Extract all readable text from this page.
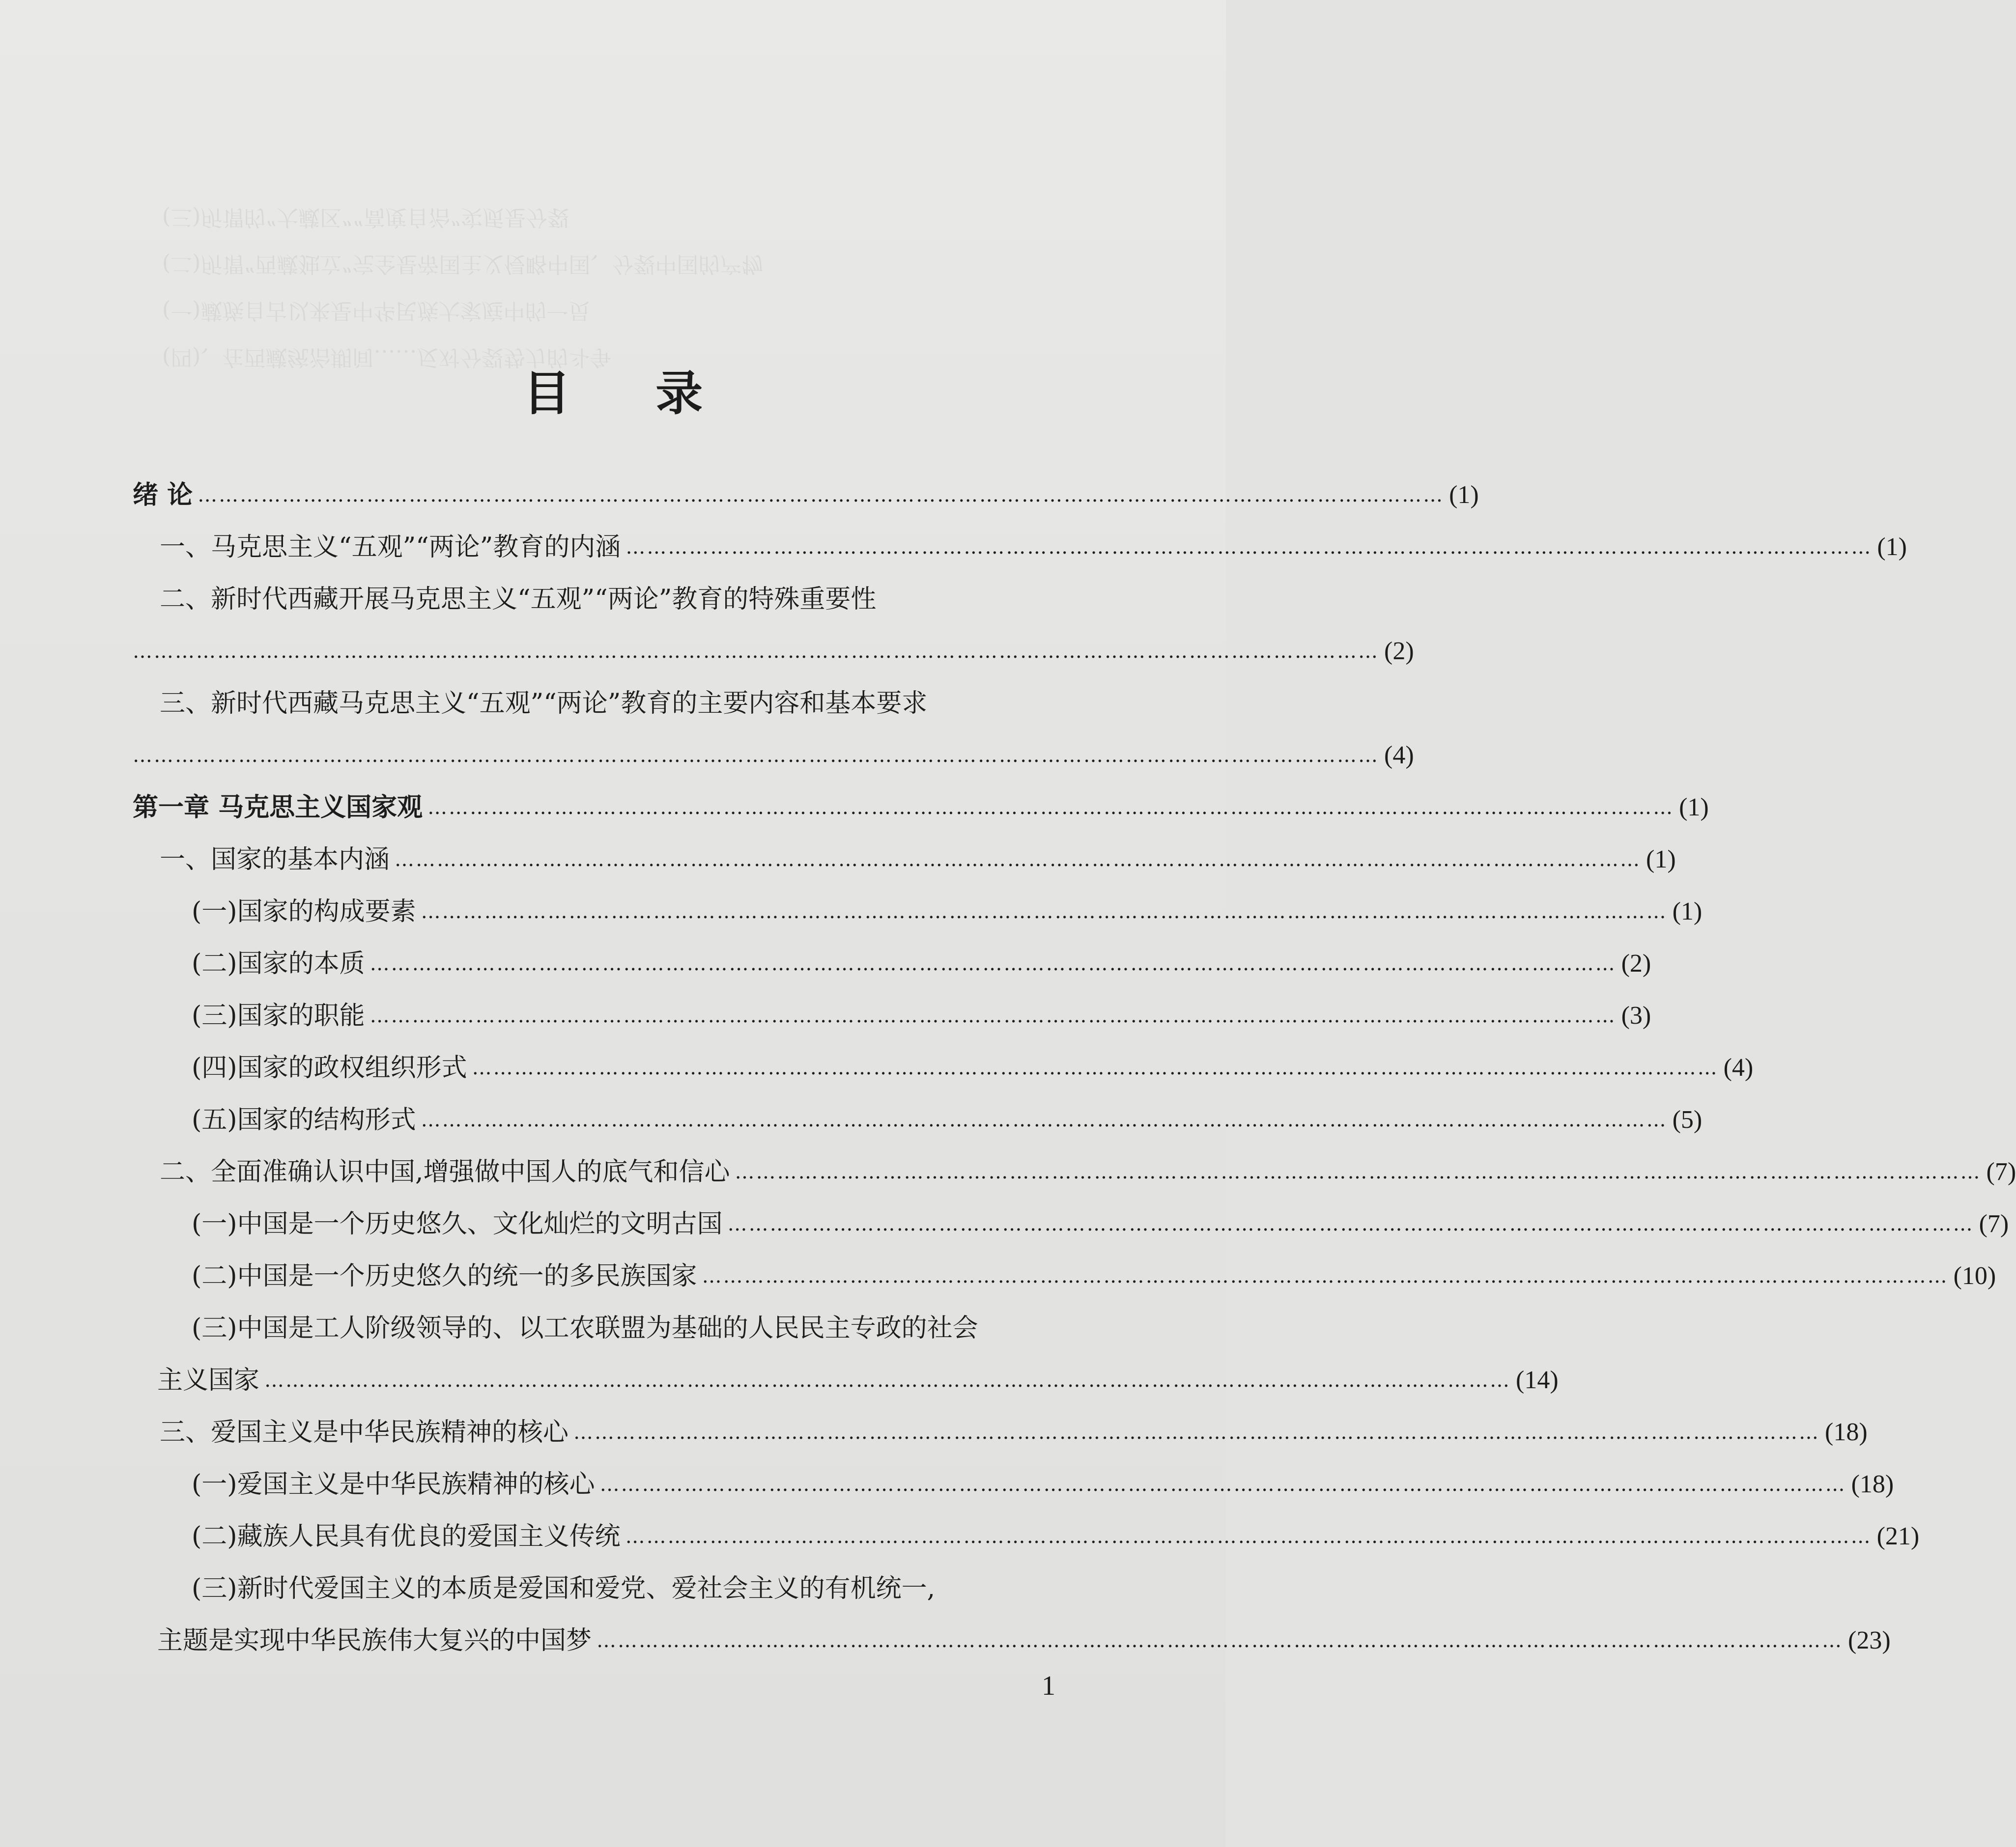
(四)、在西藏统治期间……反对分裂势力的斗争
(一)藏族自古以来是中华民族大家庭中的一员
(二)所谓“西藏独立”完全是帝国主义侵略中国、分裂中国的产物
(三)所谓的“大藏区”“高度自治”实质是分裂
目 录
绪 论 …………………………………………………………………………………………………………………………………………………………… (1)
一、马克思主义“五观”“两论”教育的内涵 …………………………………………………………………………………………………………………………………………………………… (1)
二、新时代西藏开展马克思主义“五观”“两论”教育的特殊重要性
…………………………………………………………………………………………………………………………………………………………… (2)
三、新时代西藏马克思主义“五观”“两论”教育的主要内容和基本要求
…………………………………………………………………………………………………………………………………………………………… (4)
第一章 马克思主义国家观 …………………………………………………………………………………………………………………………………………………………… (1)
一、国家的基本内涵 …………………………………………………………………………………………………………………………………………………………… (1)
(一)国家的构成要素 …………………………………………………………………………………………………………………………………………………………… (1)
(二)国家的本质 …………………………………………………………………………………………………………………………………………………………… (2)
(三)国家的职能 …………………………………………………………………………………………………………………………………………………………… (3)
(四)国家的政权组织形式 …………………………………………………………………………………………………………………………………………………………… (4)
(五)国家的结构形式 …………………………………………………………………………………………………………………………………………………………… (5)
二、全面准确认识中国,增强做中国人的底气和信心 …………………………………………………………………………………………………………………………………………………………… (7)
(一)中国是一个历史悠久、文化灿烂的文明古国 …………………………………………………………………………………………………………………………………………………………… (7)
(二)中国是一个历史悠久的统一的多民族国家 …………………………………………………………………………………………………………………………………………………………… (10)
(三)中国是工人阶级领导的、以工农联盟为基础的人民民主专政的社会
主义国家 …………………………………………………………………………………………………………………………………………………………… (14)
三、爱国主义是中华民族精神的核心 …………………………………………………………………………………………………………………………………………………………… (18)
(一)爱国主义是中华民族精神的核心 …………………………………………………………………………………………………………………………………………………………… (18)
(二)藏族人民具有优良的爱国主义传统 …………………………………………………………………………………………………………………………………………………………… (21)
(三)新时代爱国主义的本质是爱国和爱党、爱社会主义的有机统一,
主题是实现中华民族伟大复兴的中国梦 …………………………………………………………………………………………………………………………………………………………… (23)
1
